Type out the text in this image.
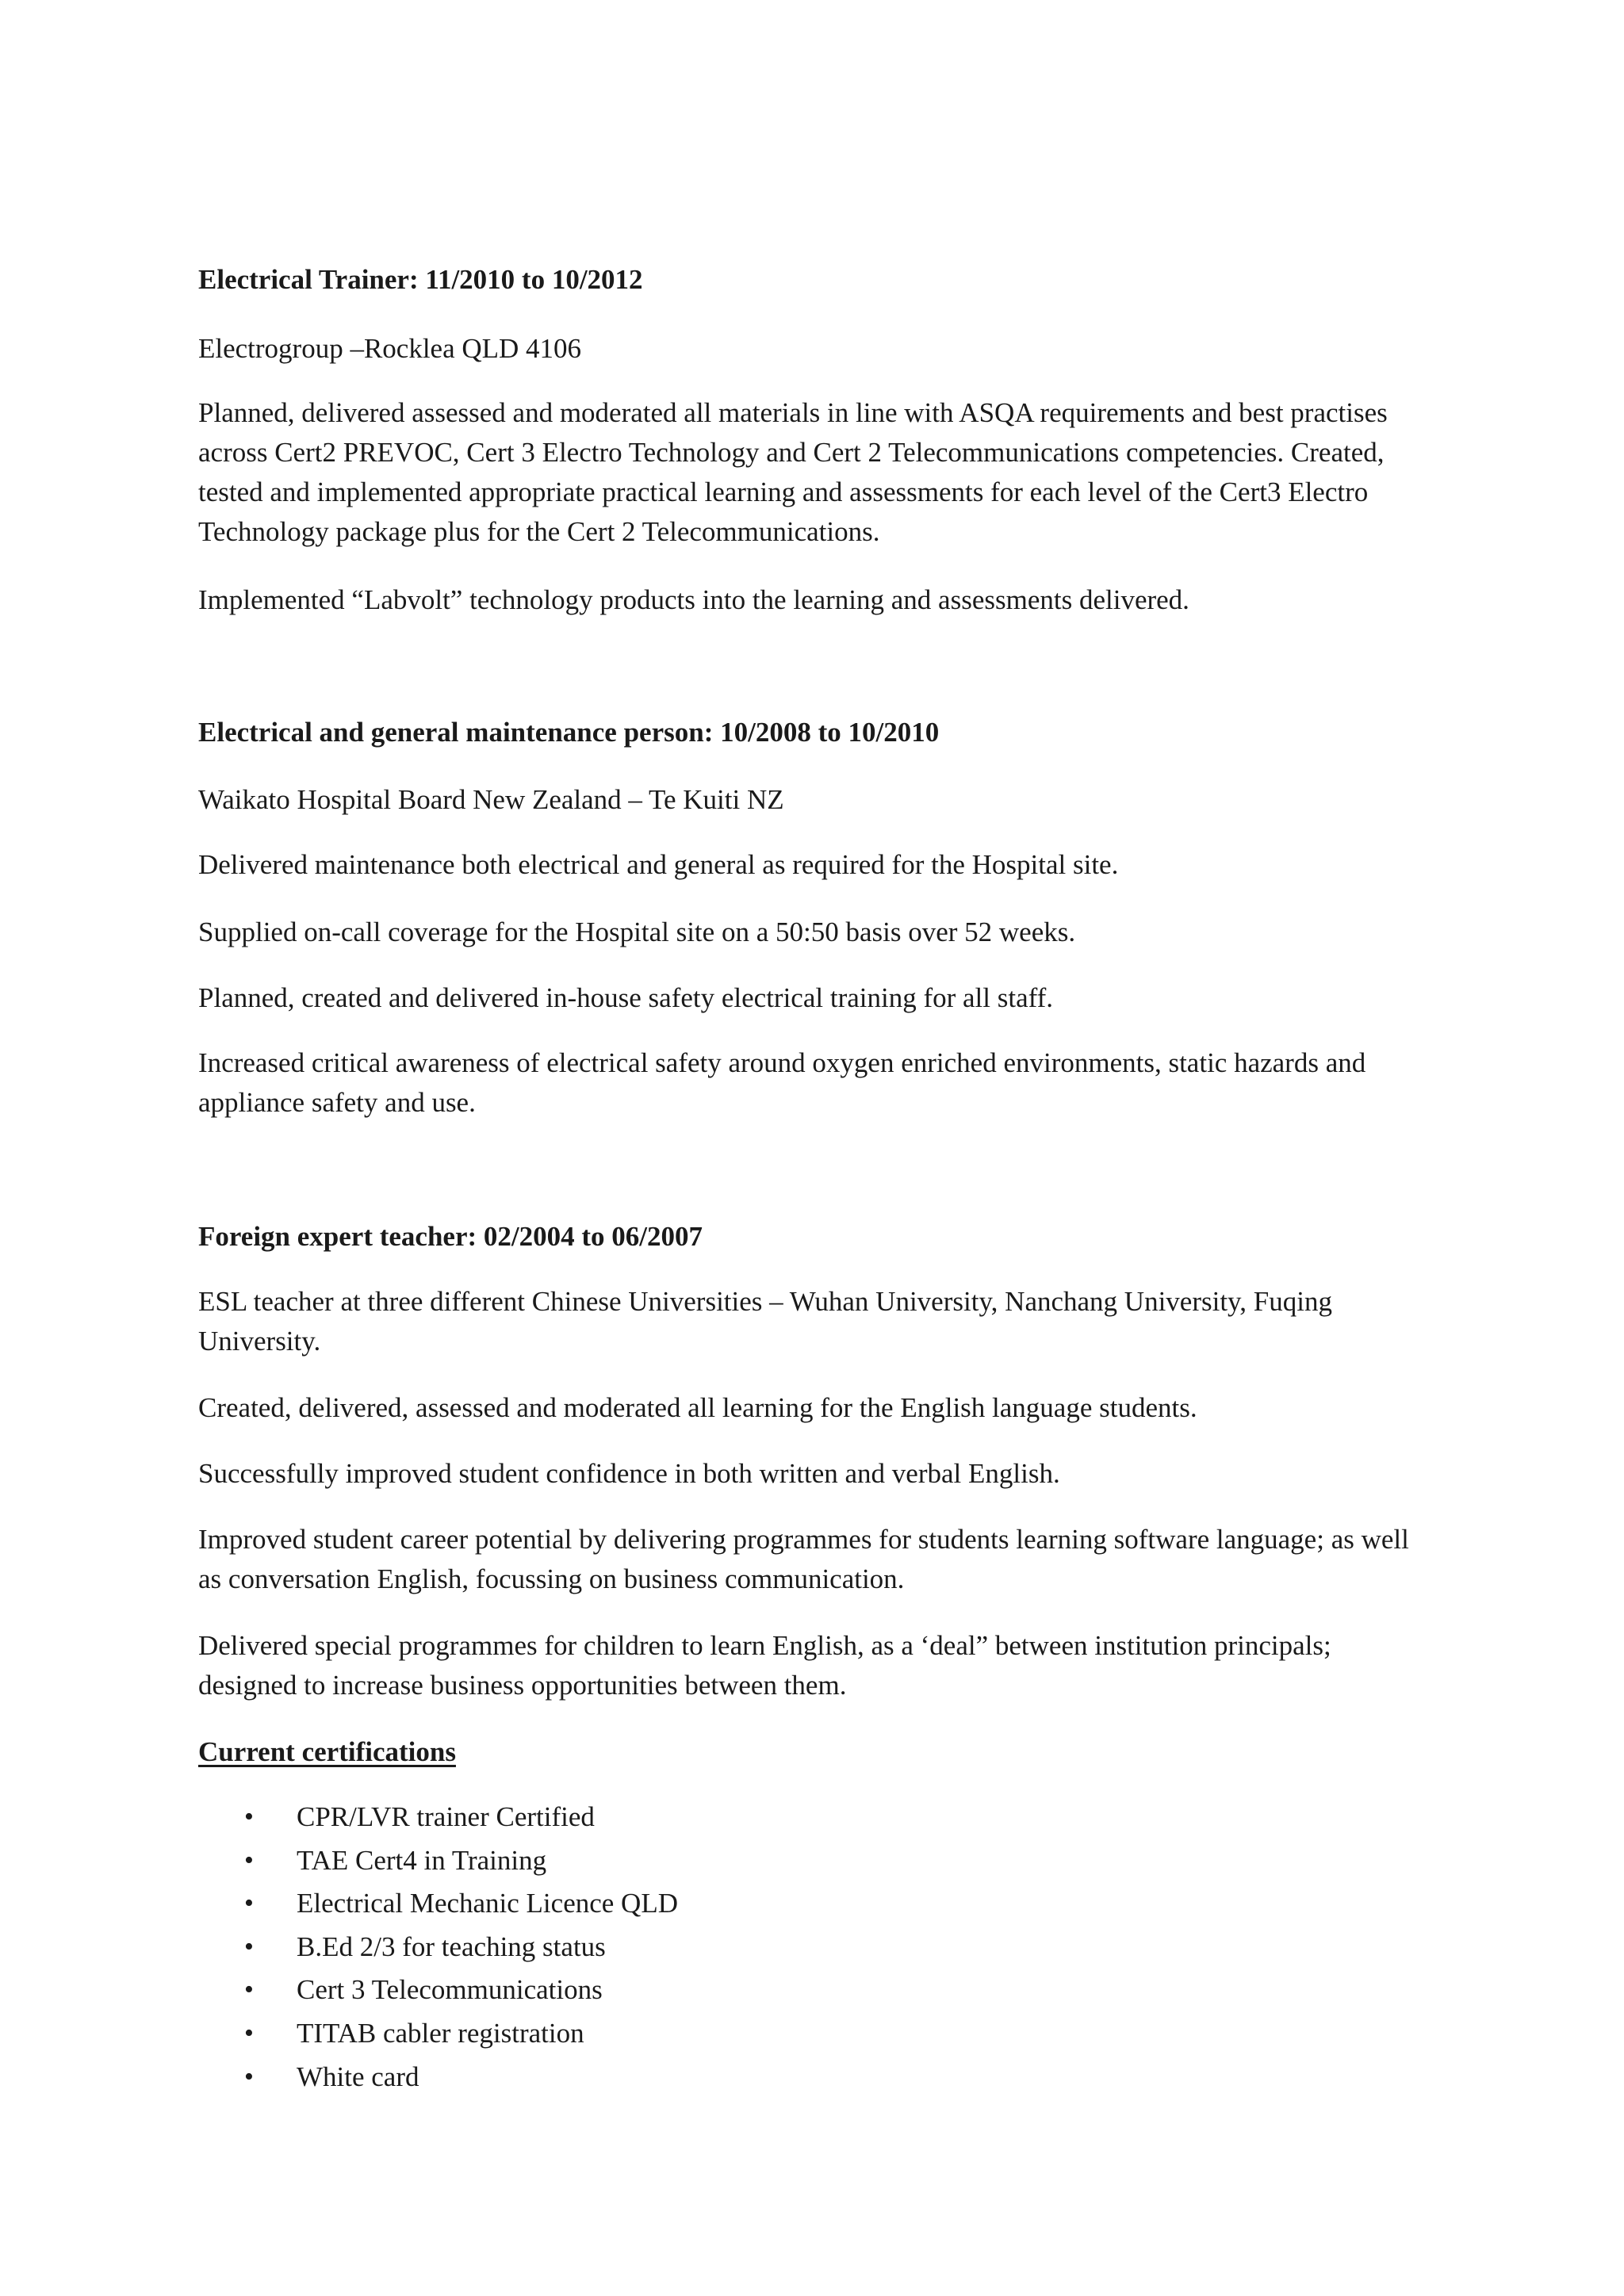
Electrical Trainer: 11/2010 to 10/2012

Electrogroup –Rocklea QLD 4106

Planned, delivered assessed and moderated all materials in line with ASQA requirements and best practises across Cert2 PREVOC, Cert 3 Electro Technology and Cert 2 Telecommunications competencies. Created, tested and implemented appropriate practical learning and assessments for each level of the Cert3 Electro Technology package plus for the Cert 2 Telecommunications.

Implemented “Labvolt” technology products into the learning and assessments delivered.

Electrical and general maintenance person: 10/2008 to 10/2010

Waikato Hospital Board New Zealand – Te Kuiti NZ

Delivered maintenance both electrical and general as required for the Hospital site.

Supplied on-call coverage for the Hospital site on a 50:50 basis over 52 weeks.

Planned, created and delivered in-house safety electrical training for all staff.

Increased critical awareness of electrical safety around oxygen enriched environments, static hazards and appliance safety and use.

Foreign expert teacher: 02/2004 to 06/2007

ESL teacher at three different Chinese Universities – Wuhan University, Nanchang University, Fuqing University.

Created, delivered, assessed and moderated all learning for the English language students.

Successfully improved student confidence in both written and verbal English.

Improved student career potential by delivering programmes for students learning software language; as well as conversation English, focussing on business communication.

Delivered special programmes for children to learn English, as a ‘deal” between institution principals; designed to increase business opportunities between them.

Current certifications

• CPR/LVR trainer Certified
• TAE Cert4 in Training
• Electrical Mechanic Licence QLD
• B.Ed 2/3 for teaching status
• Cert 3 Telecommunications
• TITAB cabler registration
• White card
